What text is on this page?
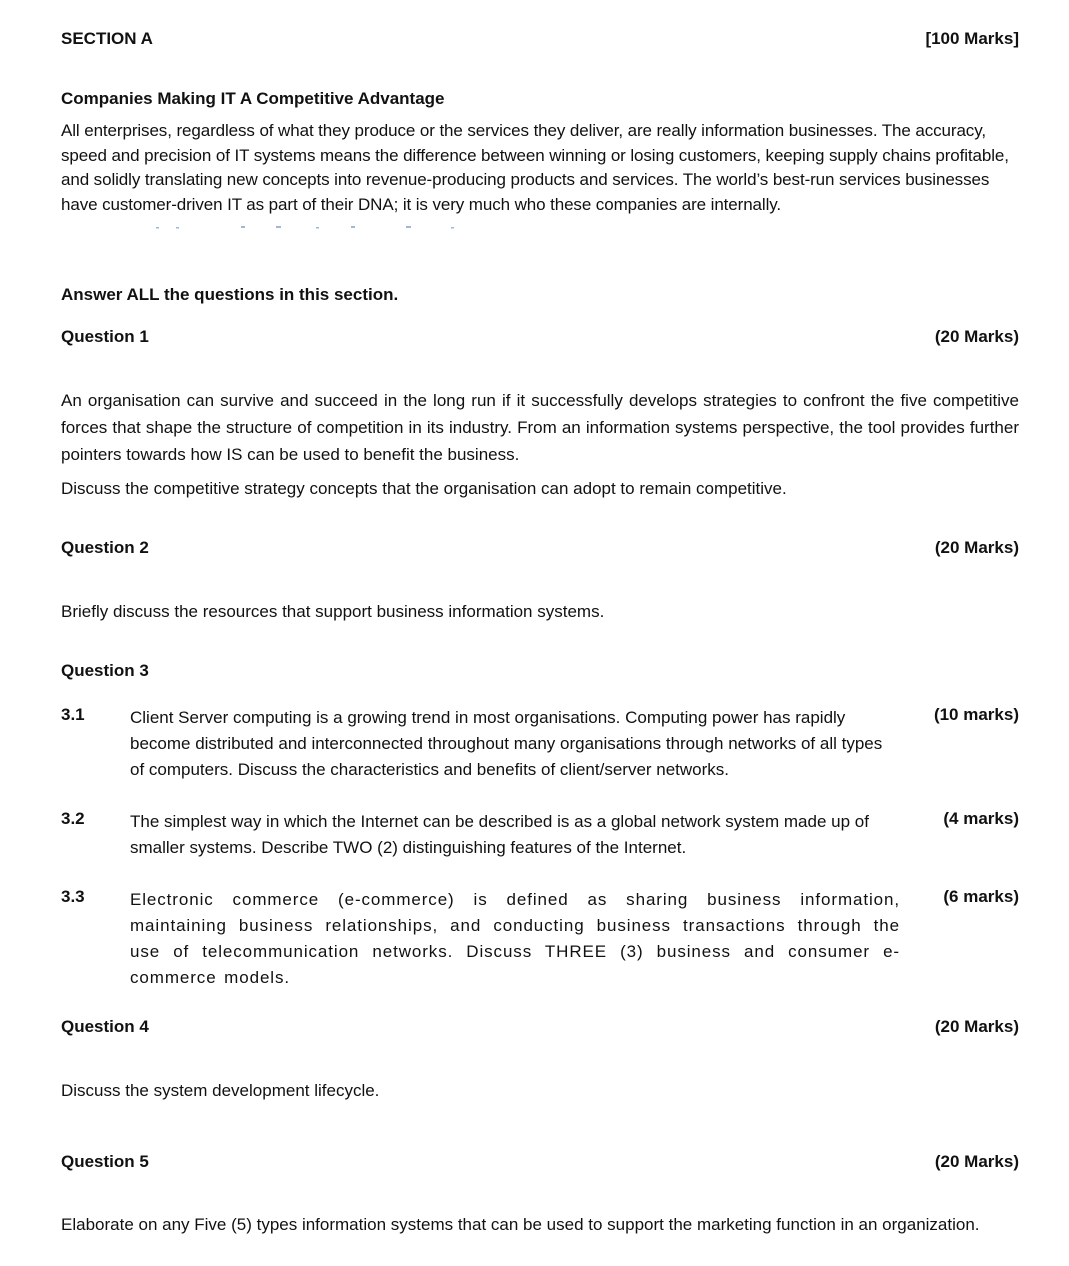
SECTION A	[100 Marks]
Companies Making IT A Competitive Advantage

All enterprises, regardless of what they produce or the services they deliver, are really information businesses. The accuracy, speed and precision of IT systems means the difference between winning or losing customers, keeping supply chains profitable, and solidly translating new concepts into revenue-producing products and services. The world’s best-run services businesses have customer-driven IT as part of their DNA; it is very much who these companies are internally.

Answer ALL the questions in this section.
Question 1	(20 Marks)

An organisation can survive and succeed in the long run if it successfully develops strategies to confront the five competitive forces that shape the structure of competition in its industry. From an information systems perspective, the tool provides further pointers towards how IS can be used to benefit the business.

Discuss the competitive strategy concepts that the organisation can adopt to remain competitive.

Question 2	(20 Marks)

Briefly discuss the resources that support business information systems.

Question 3
3.1	Client Server computing is a growing trend in most organisations. Computing power has rapidly become distributed and interconnected throughout many organisations through networks of all types of computers. Discuss the characteristics and benefits of client/server networks.
(10 marks)
3.2	The simplest way in which the Internet can be described is as a global network system made up of smaller systems. Describe TWO (2) distinguishing features of the Internet.
(4 marks)
3.3	Electronic commerce (e-commerce) is defined as sharing business information, maintaining business relationships, and conducting business transactions through the use of telecommunication networks. Discuss THREE (3) business and consumer e-commerce models.
(6 marks)
Question 4	(20 Marks)

Discuss the system development lifecycle.

Question 5	(20 Marks)

Elaborate on any Five (5) types information systems that can be used to support the marketing function in an organization.
